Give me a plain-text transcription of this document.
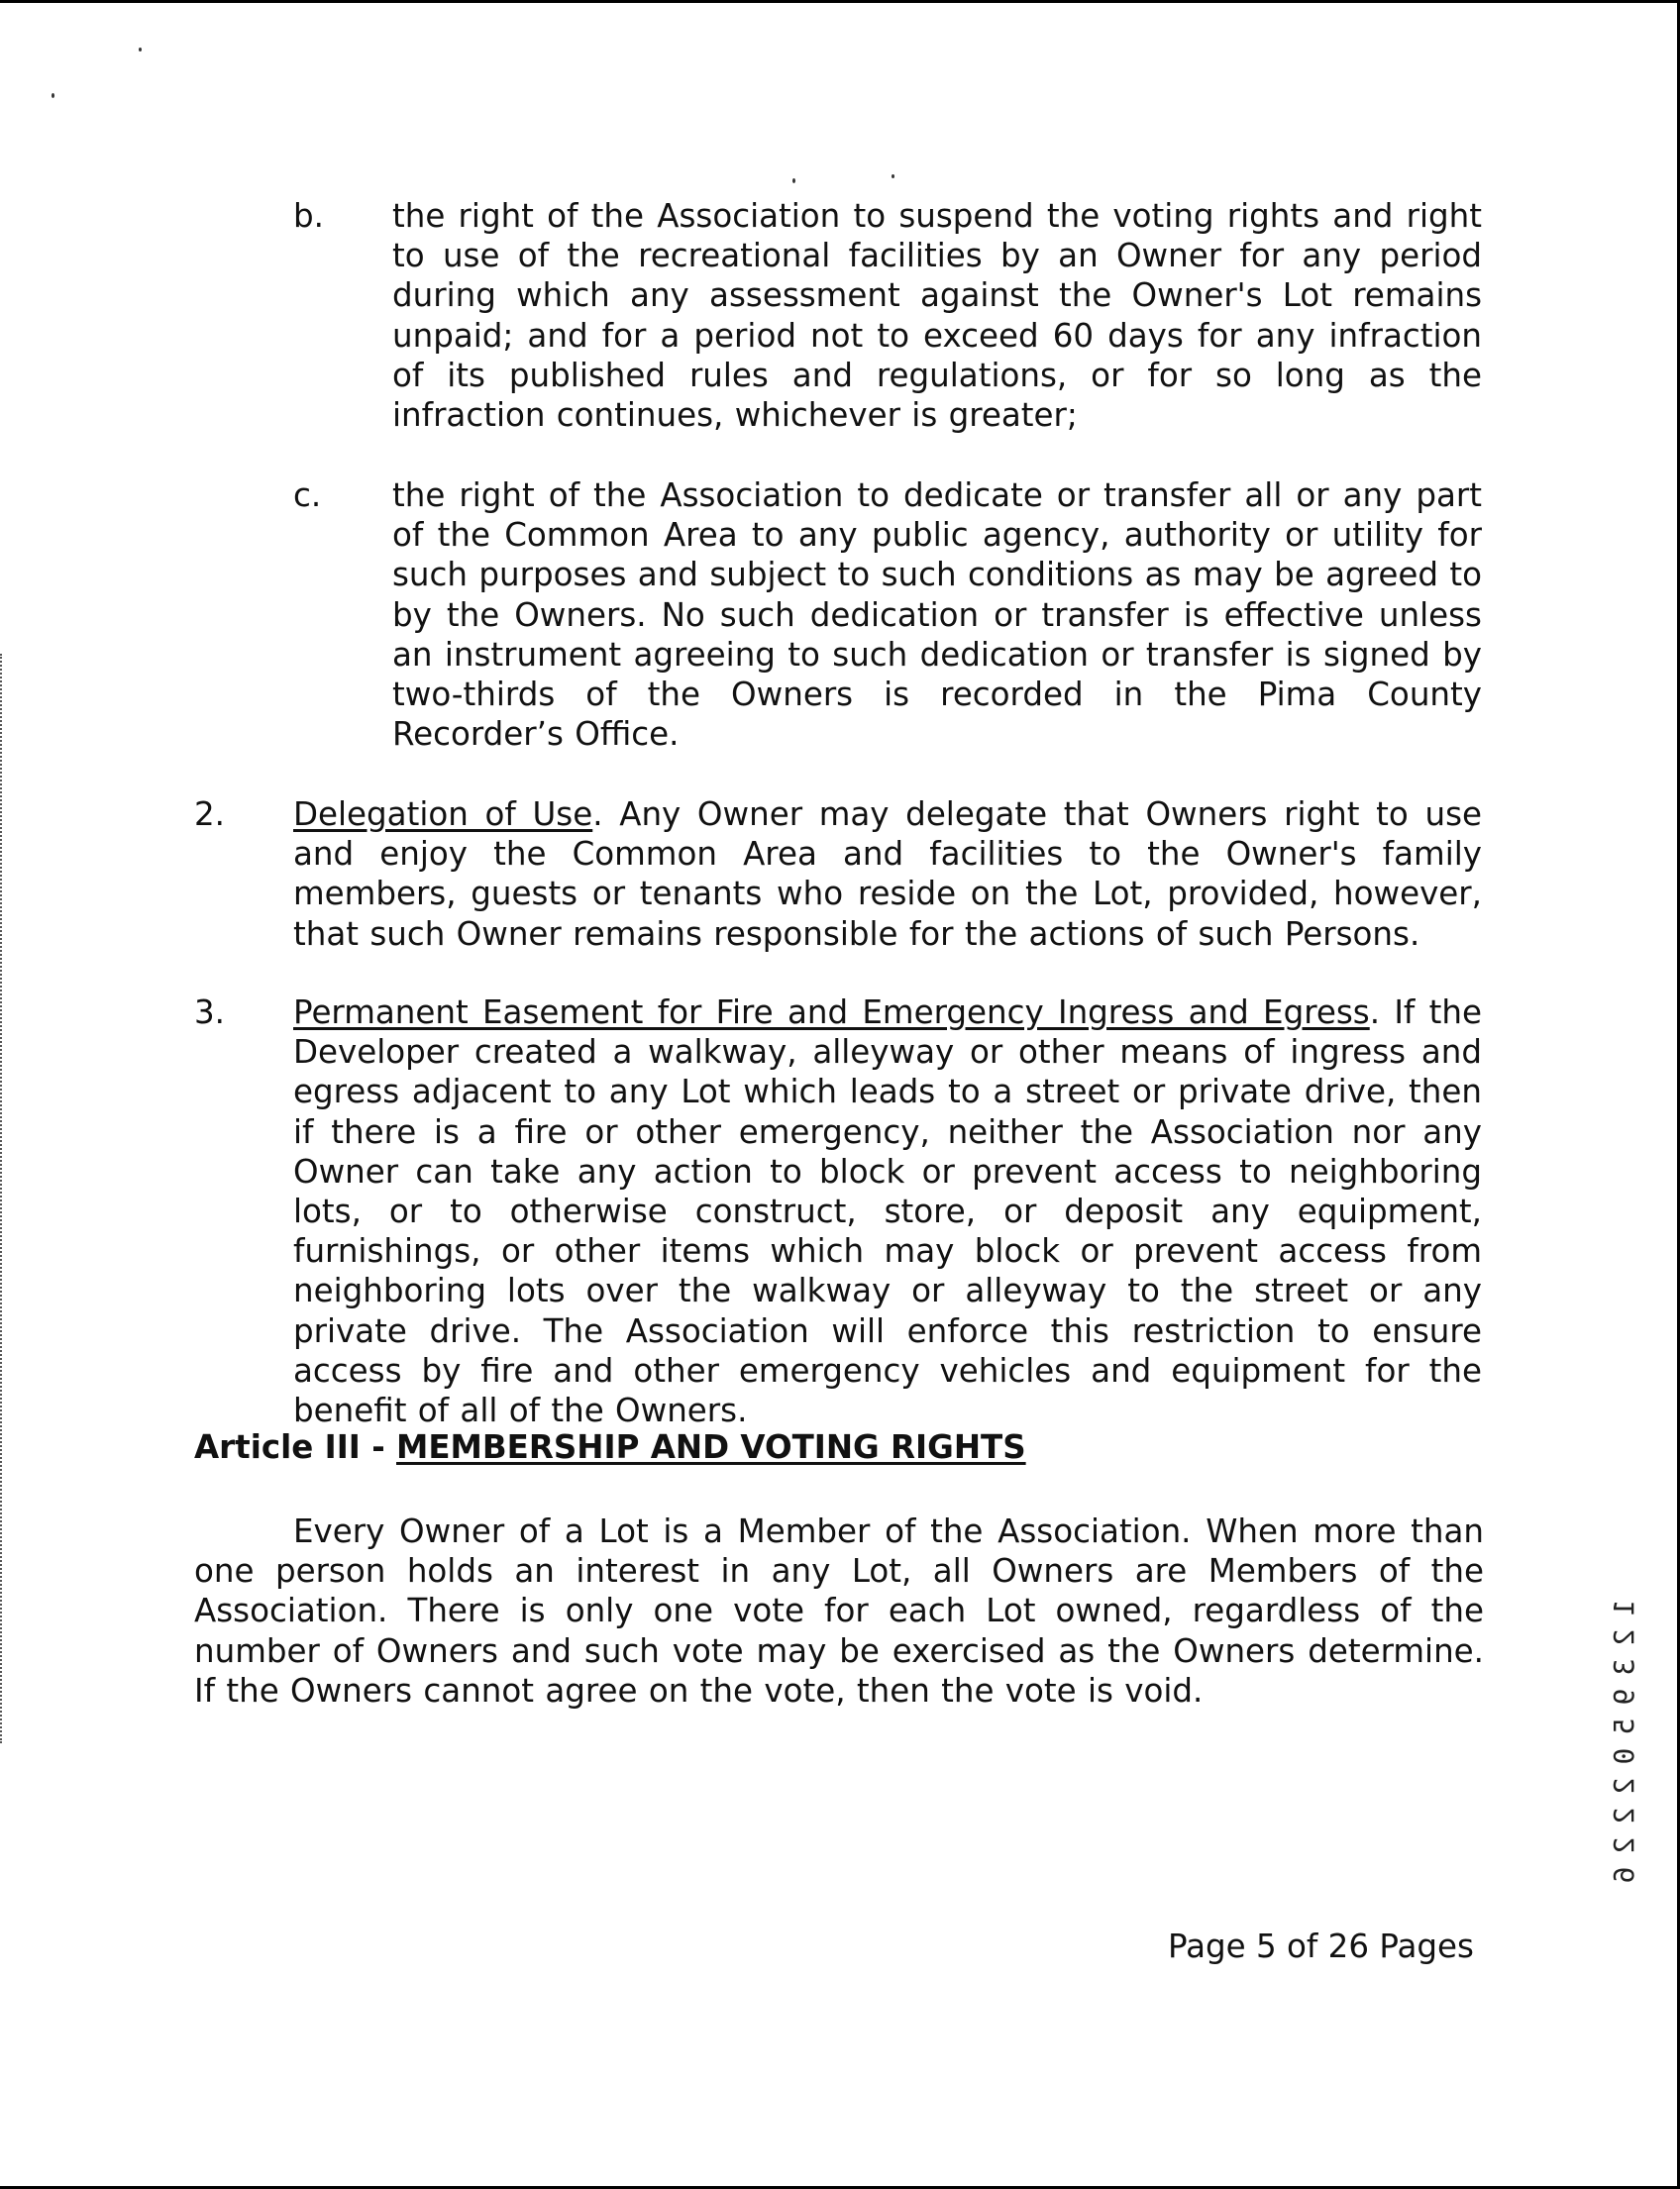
b. the right of the Association to suspend the voting rights and right to use of the recreational facilities by an Owner for any period during which any assessment against the Owner's Lot remains unpaid; and for a period not to exceed 60 days for any infraction of its published rules and regulations, or for so long as the infraction continues, whichever is greater;
c. the right of the Association to dedicate or transfer all or any part of the Common Area to any public agency, authority or utility for such purposes and subject to such conditions as may be agreed to by the Owners. No such dedication or transfer is effective unless an instrument agreeing to such dedication or transfer is signed by two-thirds of the Owners is recorded in the Pima County Recorder’s Office.
2. Delegation of Use. Any Owner may delegate that Owners right to use and enjoy the Common Area and facilities to the Owner's family members, guests or tenants who reside on the Lot, provided, however, that such Owner remains responsible for the actions of such Persons.
3. Permanent Easement for Fire and Emergency Ingress and Egress. If the Developer created a walkway, alleyway or other means of ingress and egress adjacent to any Lot which leads to a street or private drive, then if there is a fire or other emergency, neither the Association nor any Owner can take any action to block or prevent access to neighboring lots, or to otherwise construct, store, or deposit any equipment, furnishings, or other items which may block or prevent access from neighboring lots over the walkway or alleyway to the street or any private drive. The Association will enforce this restriction to ensure access by fire and other emergency vehicles and equipment for the benefit of all of the Owners.
Article III - MEMBERSHIP AND VOTING RIGHTS
Every Owner of a Lot is a Member of the Association. When more than one person holds an interest in any Lot, all Owners are Members of the Association. There is only one vote for each Lot owned, regardless of the number of Owners and such vote may be exercised as the Owners determine. If the Owners cannot agree on the vote, then the vote is void.
Page 5 of 26 Pages
1
2
3
9
5
0
2
2
2
6
